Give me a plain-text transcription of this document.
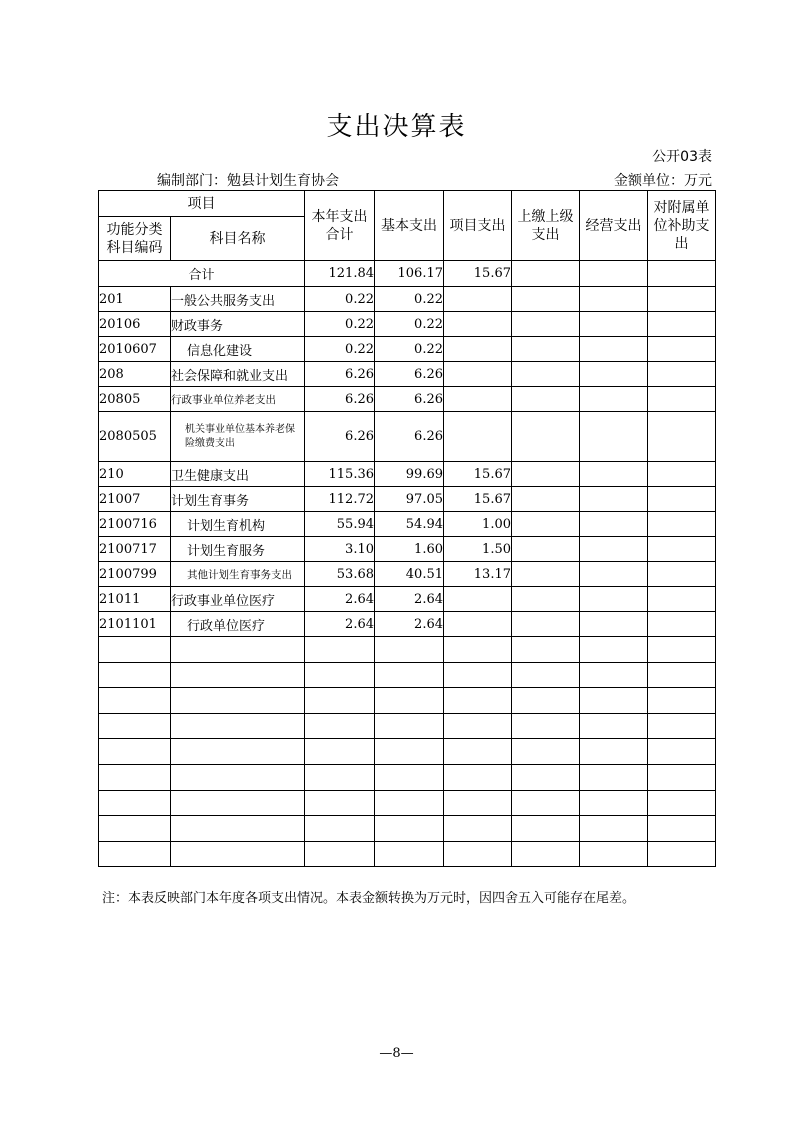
支出决算表
公开03表
编制部门：勉县计划生育协会	金额单位：万元
项目		本年支出合计	基本支出	项目支出	上缴上级支出	经营支出	对附属单位补助支出

功能分类科目编码	科目名称						
合计		121.84	106.17	15.67			
201	一般公共服务支出	0.22	0.22				
20106	财政事务	0.22	0.22				
2010607	信息化建设	0.22	0.22				
208	社会保障和就业支出	6.26	6.26				
20805	行政事业单位养老支出	6.26	6.26				
2080505	机关事业单位基本养老保险缴费支出	6.26	6.26				
210	卫生健康支出	115.36	99.69	15.67			
21007	计划生育事务	112.72	97.05	15.67			
2100716	计划生育机构	55.94	54.94	1.00			
2100717	计划生育服务	3.10	1.60	1.50			
2100799	其他计划生育事务支出	53.68	40.51	13.17			
21011	行政事业单位医疗	2.64	2.64				
2101101	行政单位医疗	2.64	2.64				

注：本表反映部门本年度各项支出情况。本表金额转换为万元时，因四舍五入可能存在尾差。
—8—
